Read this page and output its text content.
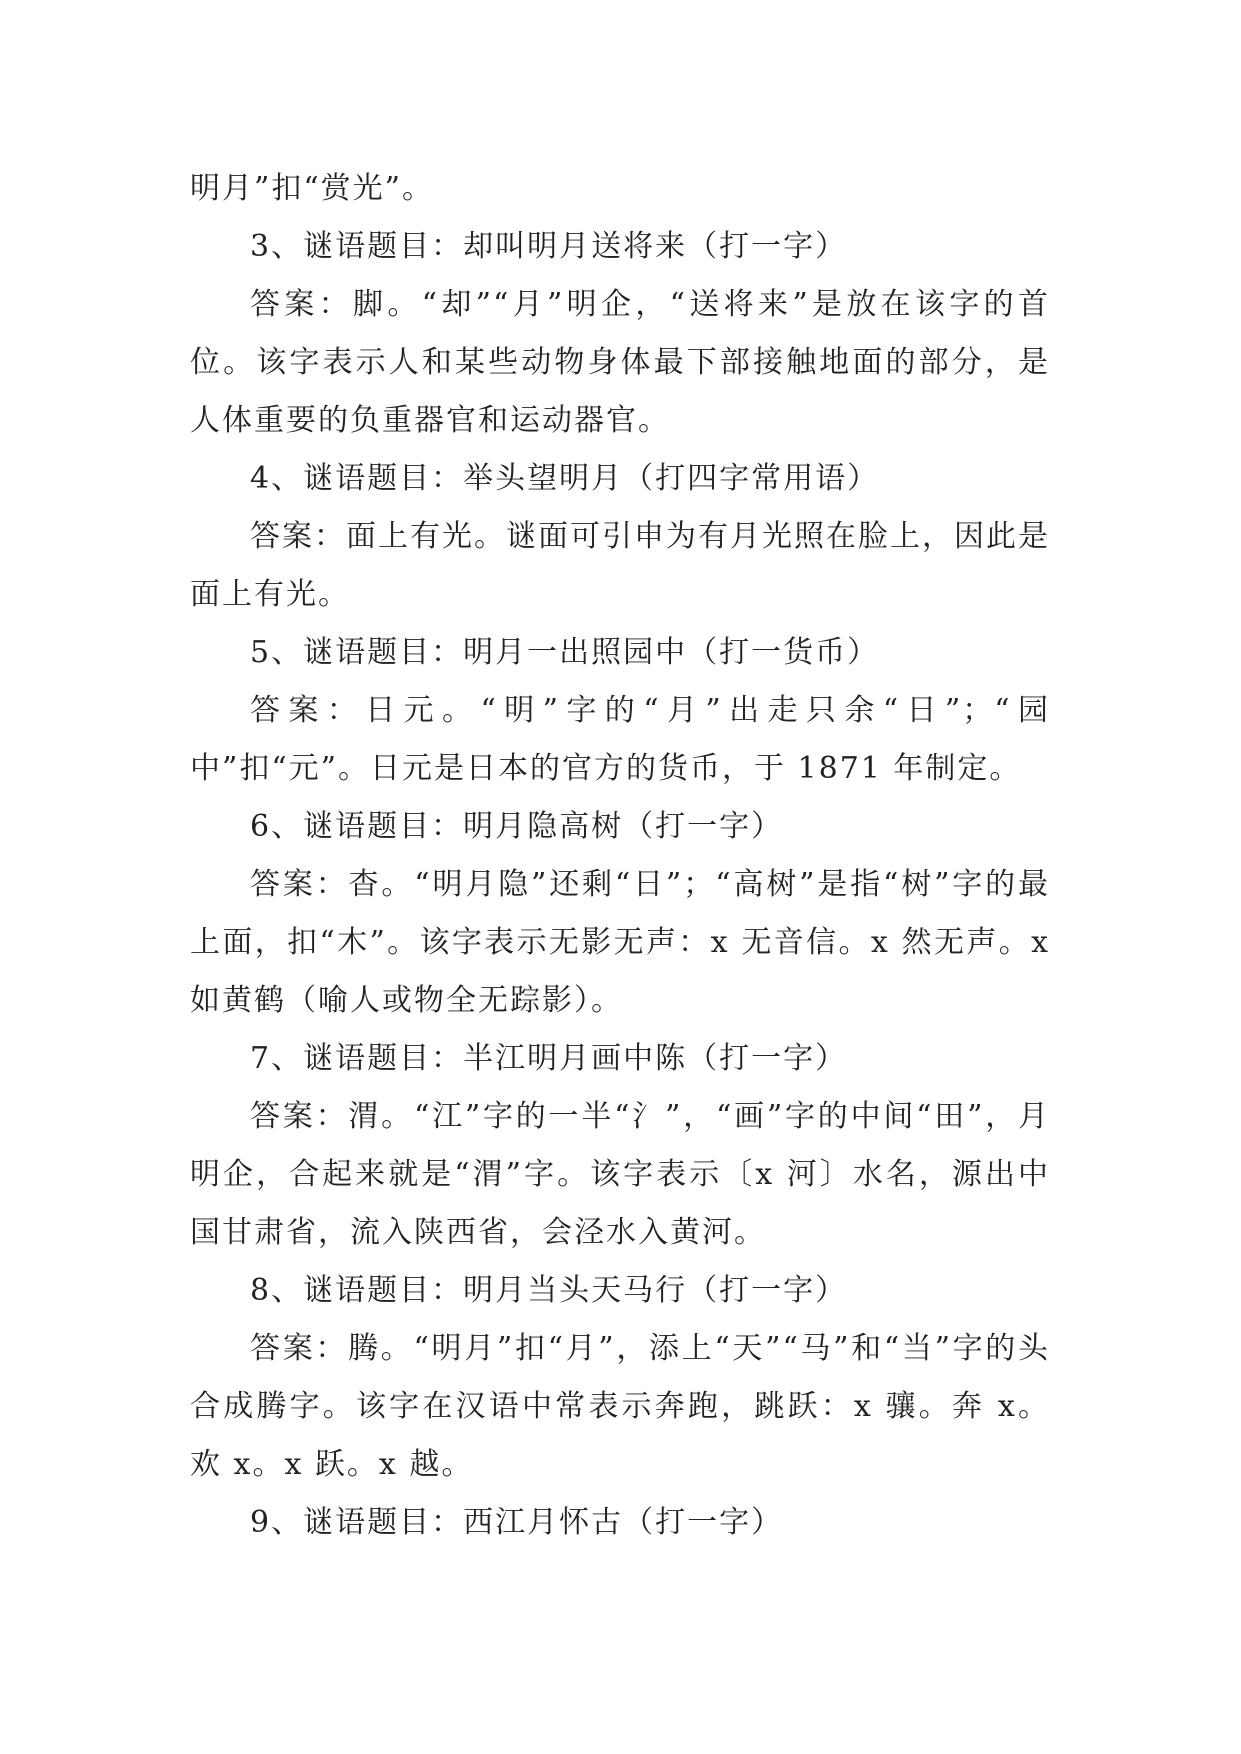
明月”扣“赏光”。

3、谜语题目：却叫明月送将来（打一字）

答案：脚。“却”“月”明企，“送将来”是放在该字的首位。该字表示人和某些动物身体最下部接触地面的部分，是人体重要的负重器官和运动器官。

4、谜语题目：举头望明月（打四字常用语）

答案：面上有光。谜面可引申为有月光照在脸上，因此是面上有光。

5、谜语题目：明月一出照园中（打一货币）

答案：日元。“明”字的“月”出走只余“日”；“园中”扣“元”。日元是日本的官方的货币，于 1871 年制定。

6、谜语题目：明月隐高树（打一字）

答案：杳。“明月隐”还剩“日”；“高树”是指“树”字的最上面，扣“木”。该字表示无影无声：x 无音信。x 然无声。x 如黄鹤（喻人或物全无踪影）。

7、谜语题目：半江明月画中陈（打一字）

答案：渭。“江”字的一半“氵”，“画”字的中间“田”，月明企，合起来就是“渭”字。该字表示〔x 河〕水名，源出中国甘肃省，流入陕西省，会泾水入黄河。

8、谜语题目：明月当头天马行（打一字）

答案：腾。“明月”扣“月”，添上“天”“马”和“当”字的头合成腾字。该字在汉语中常表示奔跑，跳跃：x 骧。奔 x。欢 x。x 跃。x 越。

9、谜语题目：西江月怀古（打一字）
